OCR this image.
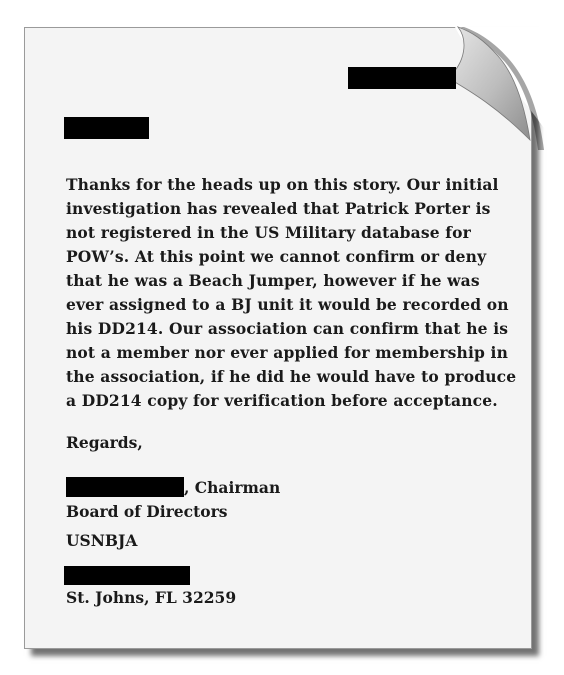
Thanks for the heads up on this story. Our initial investigation has revealed that Patrick Porter is not registered in the US Military database for POW’s. At this point we cannot confirm or deny that he was a Beach Jumper, however if he was ever assigned to a BJ unit it would be recorded on his DD214. Our association can confirm that he is not a member nor ever applied for membership in the association, if he did he would have to produce a DD214 copy for verification before acceptance.

Regards,
, Chairman
Board of Directors
USNBJA
St. Johns, FL 32259
